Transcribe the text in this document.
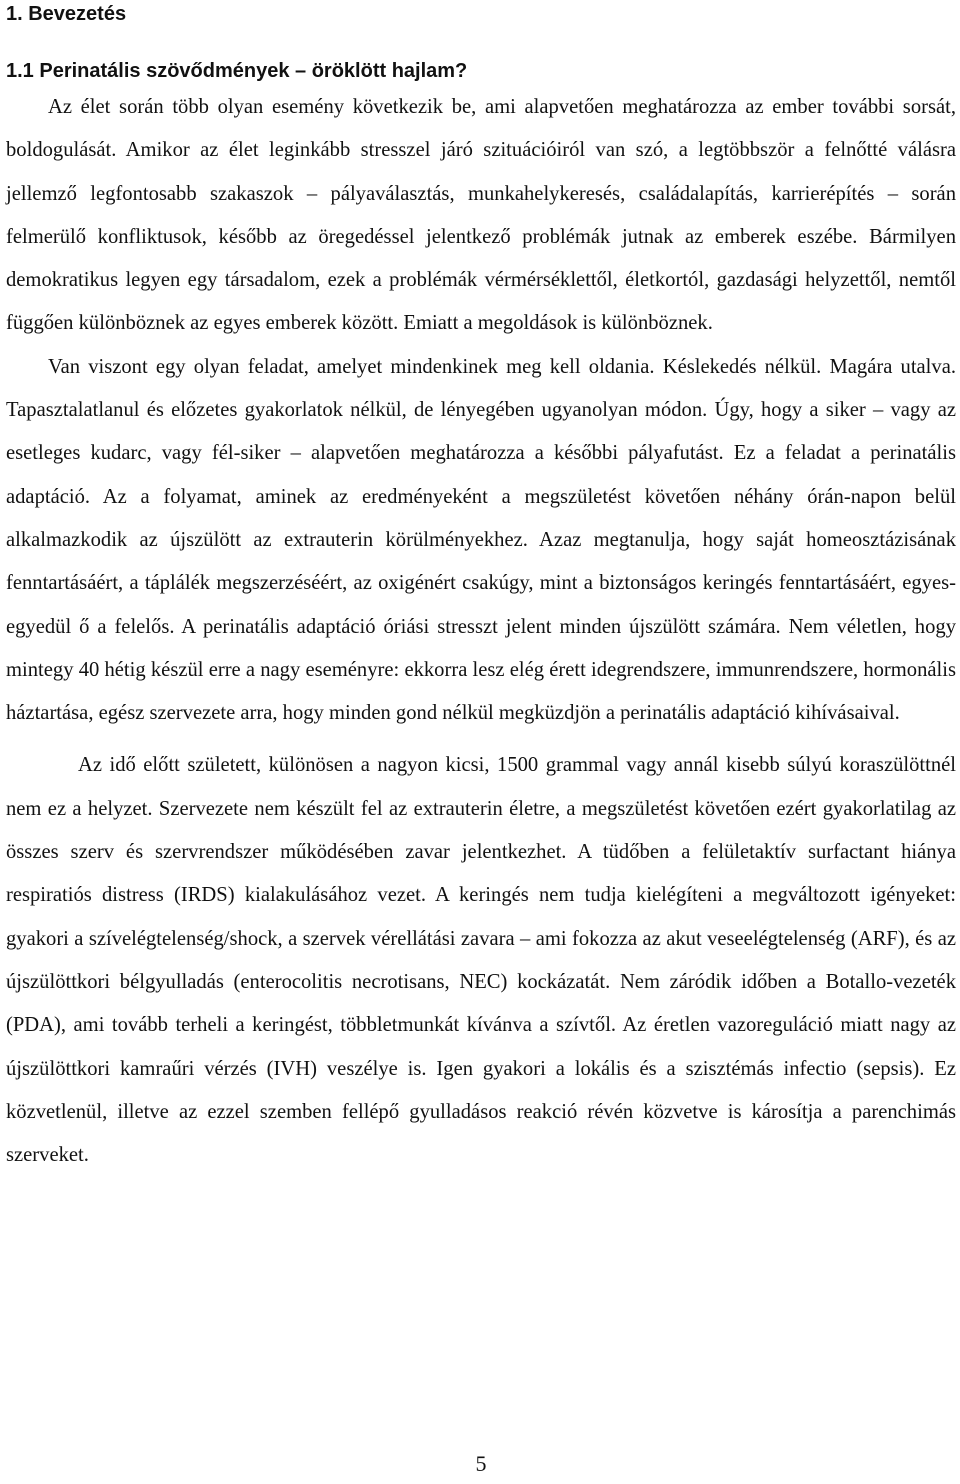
1. Bevezetés
1.1 Perinatális szövődmények – öröklött hajlam?

Az élet során több olyan esemény következik be, ami alapvetően meghatározza az ember további sorsát, boldogulását. Amikor az élet leginkább stresszel járó szituációiról van szó, a legtöbbször a felnőtté válásra jellemző legfontosabb szakaszok – pályaválasztás, munkahelykeresés, családalapítás, karrierépítés – során felmerülő konfliktusok, később az öregedéssel jelentkező problémák jutnak az emberek eszébe. Bármilyen demokratikus legyen egy társadalom, ezek a problémák vérmérséklettől, életkortól, gazdasági helyzettől, nemtől függően különböznek az egyes emberek között. Emiatt a megoldások is különböznek.

Van viszont egy olyan feladat, amelyet mindenkinek meg kell oldania. Késlekedés nélkül. Magára utalva. Tapasztalatlanul és előzetes gyakorlatok nélkül, de lényegében ugyanolyan módon. Úgy, hogy a siker – vagy az esetleges kudarc, vagy fél-siker – alapvetően meghatározza a későbbi pályafutást. Ez a feladat a perinatális adaptáció. Az a folyamat, aminek az eredményeként a megszületést követően néhány órán-napon belül alkalmazkodik az újszülött az extrauterin körülményekhez. Azaz megtanulja, hogy saját homeosztázisának fenntartásáért, a táplálék megszerzéséért, az oxigénért csakúgy, mint a biztonságos keringés fenntartásáért, egyes-egyedül ő a felelős. A perinatális adaptáció óriási stresszt jelent minden újszülött számára. Nem véletlen, hogy mintegy 40 hétig készül erre a nagy eseményre: ekkorra lesz elég érett idegrendszere, immunrendszere, hormonális háztartása, egész szervezete arra, hogy minden gond nélkül megküzdjön a perinatális adaptáció kihívásaival.

Az idő előtt született, különösen a nagyon kicsi, 1500 grammal vagy annál kisebb súlyú koraszülöttnél nem ez a helyzet. Szervezete nem készült fel az extrauterin életre, a megszületést követően ezért gyakorlatilag az összes szerv és szervrendszer működésében zavar jelentkezhet. A tüdőben a felületaktív surfactant hiánya respiratiós distress (IRDS) kialakulásához vezet. A keringés nem tudja kielégíteni a megváltozott igényeket: gyakori a szívelégtelenség/shock, a szervek vérellátási zavara – ami fokozza az akut veseelégtelenség (ARF), és az újszülöttkori bélgyulladás (enterocolitis necrotisans, NEC) kockázatát. Nem záródik időben a Botallo-vezeték (PDA), ami tovább terheli a keringést, többletmunkát kívánva a szívtől. Az éretlen vazoreguláció miatt nagy az újszülöttkori kamraűri vérzés (IVH) veszélye is. Igen gyakori a lokális és a szisztémás infectio (sepsis). Ez közvetlenül, illetve az ezzel szemben fellépő gyulladásos reakció révén közvetve is károsítja a parenchimás szerveket.

5
